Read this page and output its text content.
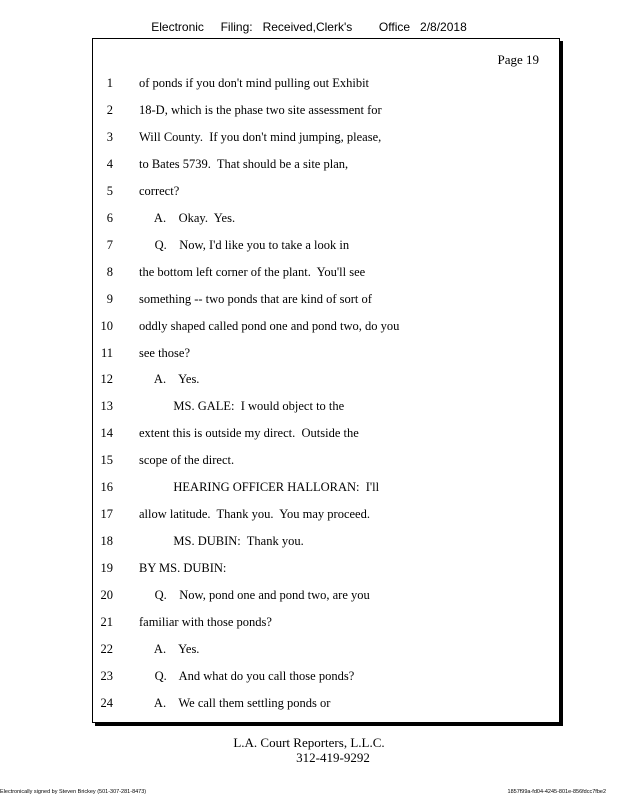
Electronic     Filing:   Received,Clerk's        Office   2/8/2018
Page 19
1 of ponds if you don't mind pulling out Exhibit
2 18-D, which is the phase two site assessment for
3 Will County.  If you don't mind jumping, please,
4 to Bates 5739.  That should be a site plan,
5 correct?
6 A.    Okay.  Yes.
7 Q.    Now, I'd like you to take a look in
8 the bottom left corner of the plant.  You'll see
9 something -- two ponds that are kind of sort of
10 oddly shaped called pond one and pond two, do you
11 see those?
12 A.    Yes.
13 MS. GALE:  I would object to the
14 extent this is outside my direct.  Outside the
15 scope of the direct.
16 HEARING OFFICER HALLORAN:  I'll
17 allow latitude.  Thank you.  You may proceed.
18 MS. DUBIN:  Thank you.
19 BY MS. DUBIN:
20 Q.    Now, pond one and pond two, are you
21 familiar with those ponds?
22 A.    Yes.
23 Q.    And what do you call those ponds?
24 A.    We call them settling ponds or
L.A. Court Reporters, L.L.C.
312-419-9292
Electronically signed by Steven Brickey (501-307-281-8473)	1857f99a-fd04-4245-801e-856fdcc7fbe2
